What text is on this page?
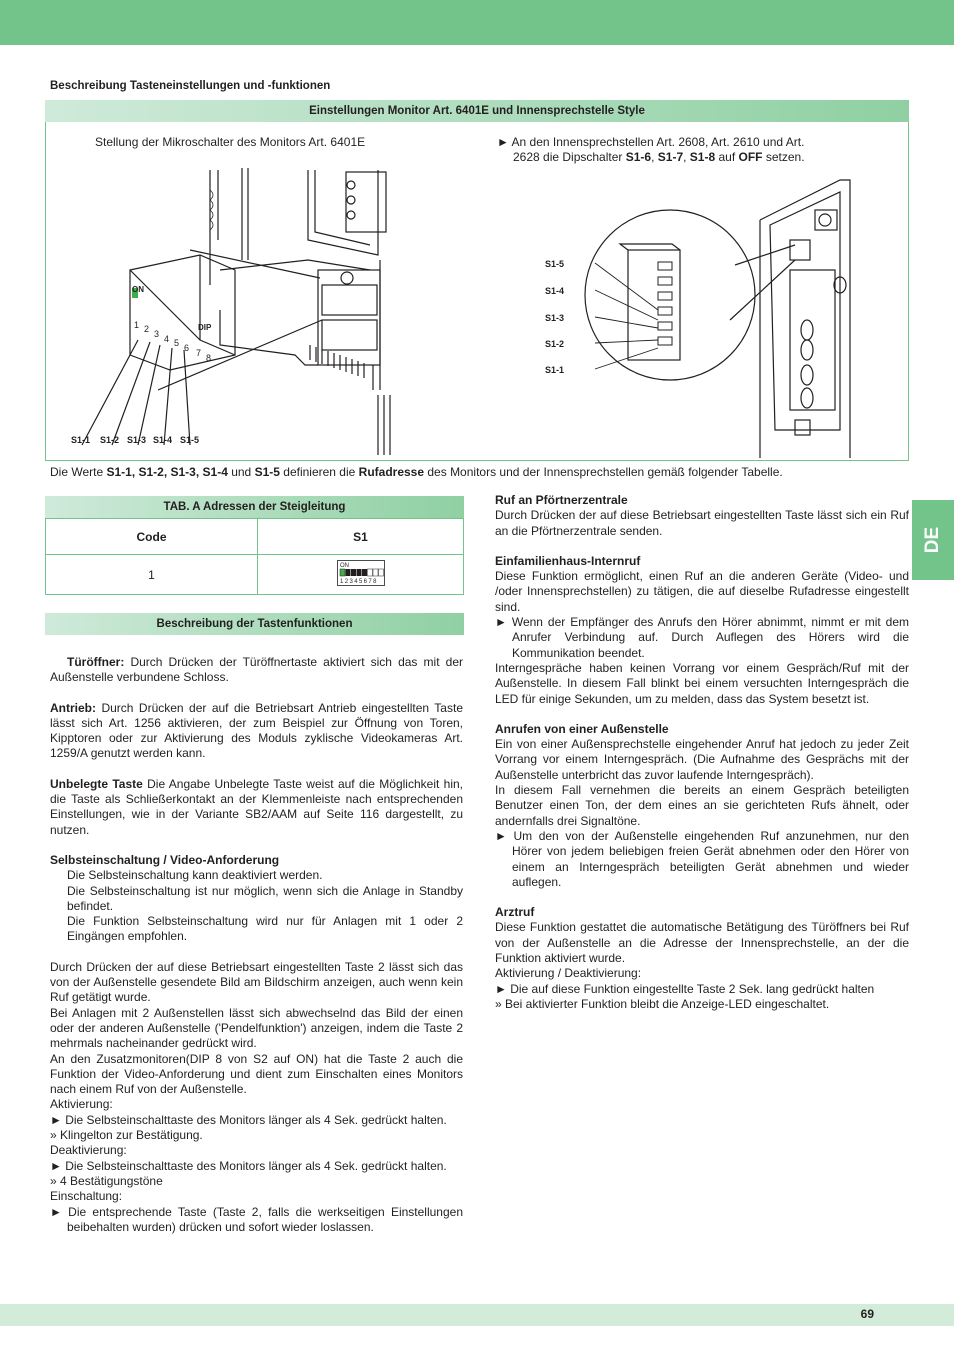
69
DE
Beschreibung Tasteneinstellungen und -funktionen
Einstellungen Monitor Art. 6401E und Innensprechstelle Style
Stellung der Mikroschalter des Monitors Art. 6401E	► An den Innensprechstellen Art. 2608, Art. 2610 und Art.
2628 die Dipschalter S1-6, S1-7, S1-8 auf OFF setzen.
ON
DIP
1 2 3 4 5 6 7 8
S1-1 S1-2 S1-3 S1-4 S1-5
S1-5
S1-4
S1-3
S1-2
S1-1
Die Werte S1-1, S1-2, S1-3, S1-4 und S1-5 definieren die Rufadresse des Monitors und der Innensprechstellen gemäß folgender Tabelle.
TAB. A Adressen der Steigleitung
Code	S1
1	ON
12345678
Beschreibung der Tastenfunktionen

Türöffner: Durch Drücken der Türöffnertaste aktiviert sich das mit der Außenstelle verbundene Schloss.

Antrieb: Durch Drücken der auf die Betriebsart Antrieb eingestellten Taste lässt sich Art. 1256 aktivieren, der zum Beispiel zur Öffnung von Toren, Kipptoren oder zur Aktivierung des Moduls zyklische Videokameras Art. 1259/A genutzt werden kann.

Unbelegte Taste Die Angabe Unbelegte Taste weist auf die Möglichkeit hin, die Taste als Schließerkontakt an der Klemmenleiste nach entsprechenden Einstellungen, wie in der Variante SB2/AAM auf Seite 116 dargestellt, zu nutzen.

Selbsteinschaltung / Video-Anforderung

Die Selbsteinschaltung kann deaktiviert werden.

Die Selbsteinschaltung ist nur möglich, wenn sich die Anlage in Standby befindet.

Die Funktion Selbsteinschaltung wird nur für Anlagen mit 1 oder 2 Eingängen empfohlen.

Durch Drücken der auf diese Betriebsart eingestellten Taste 2 lässt sich das von der Außenstelle gesendete Bild am Bildschirm anzeigen, auch wenn kein Ruf getätigt wurde.

Bei Anlagen mit 2 Außenstellen lässt sich abwechselnd das Bild der einen oder der anderen Außenstelle ('Pendelfunktion') anzeigen, indem die Taste 2 mehrmals nacheinander gedrückt wird.

An den Zusatzmonitoren(DIP 8 von S2 auf ON) hat die Taste 2 auch die Funktion der Video-Anforderung und dient zum Einschalten eines Monitors nach einem Ruf von der Außenstelle.

Aktivierung:

► Die Selbsteinschalttaste des Monitors länger als 4 Sek. gedrückt halten.

» Klingelton zur Bestätigung.

Deaktivierung:

► Die Selbsteinschalttaste des Monitors länger als 4 Sek. gedrückt halten.

» 4 Bestätigungstöne

Einschaltung:

► Die entsprechende Taste (Taste 2, falls die werkseitigen Einstellungen beibehalten wurden) drücken und sofort wieder loslassen.

Ruf an Pförtnerzentrale

Durch Drücken der auf diese Betriebsart eingestellten Taste lässt sich ein Ruf an die Pförtnerzentrale senden.

Einfamilienhaus-Internruf

Diese Funktion ermöglicht, einen Ruf an die anderen Geräte (Video- und /oder Innensprechstellen) zu tätigen, die auf dieselbe Rufadresse eingestellt sind.

► Wenn der Empfänger des Anrufs den Hörer abnimmt, nimmt er mit dem Anrufer Verbindung auf. Durch Auflegen des Hörers wird die Kommunikation beendet.

Interngespräche haben keinen Vorrang vor einem Gespräch/Ruf mit der Außenstelle. In diesem Fall blinkt bei einem versuchten Interngespräch die LED für einige Sekunden, um zu melden, dass das System besetzt ist.

Anrufen von einer Außenstelle

Ein von einer Außensprechstelle eingehender Anruf hat jedoch zu jeder Zeit Vorrang vor einem Interngespräch. (Die Aufnahme des Gesprächs mit der Außenstelle unterbricht das zuvor laufende Interngespräch).

In diesem Fall vernehmen die bereits an einem Gespräch beteiligten Benutzer einen Ton, der dem eines an sie gerichteten Rufs ähnelt, oder andernfalls drei Signaltöne.

► Um den von der Außenstelle eingehenden Ruf anzunehmen, nur den Hörer von jedem beliebigen freien Gerät abnehmen oder den Hörer von einem an Interngespräch beteiligten Gerät abnehmen und wieder auflegen.

Arztruf

Diese Funktion gestattet die automatische Betätigung des Türöffners bei Ruf von der Außenstelle an die Adresse der Innensprechstelle, an der die Funktion aktiviert wurde.

Aktivierung / Deaktivierung:

► Die auf diese Funktion eingestellte Taste 2 Sek. lang gedrückt halten

» Bei aktivierter Funktion bleibt die Anzeige-LED eingeschaltet.
